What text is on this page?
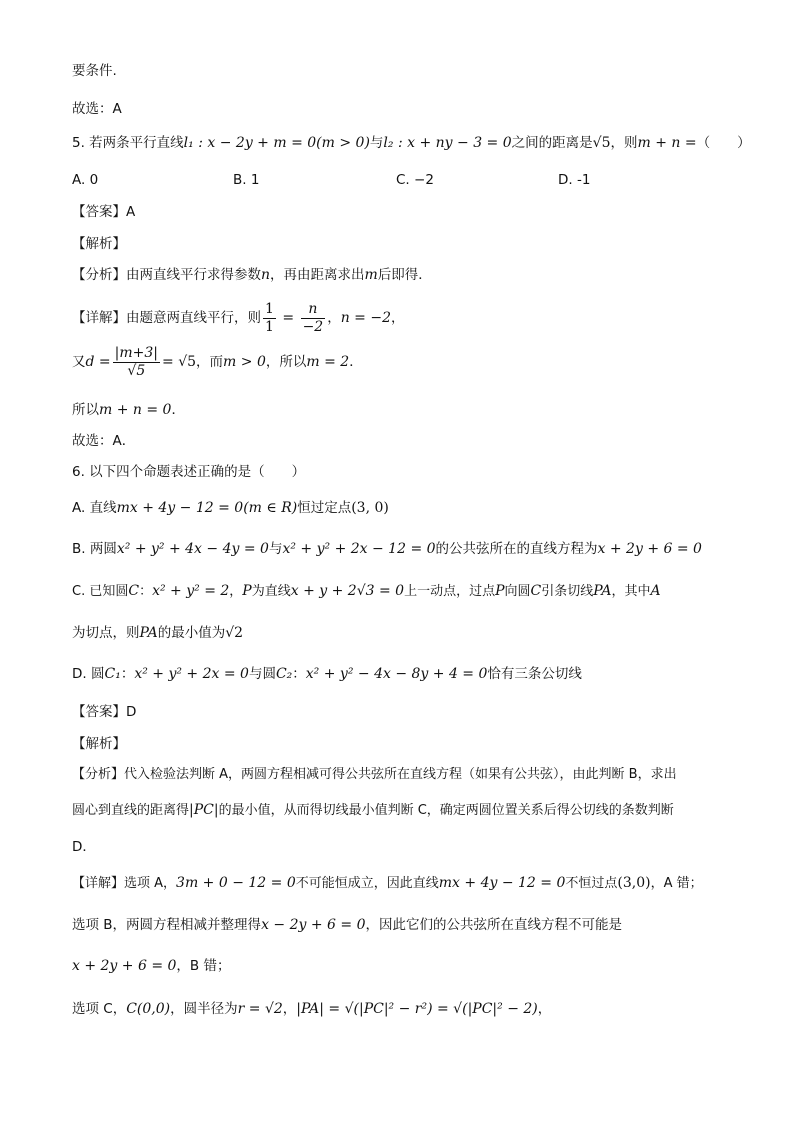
要条件.
故选：A
5. 若两条平行直线l₁ : x − 2y + m = 0(m > 0)与l₂ : x + ny − 3 = 0之间的距离是√5，则m + n =（　　）
A. 0	B. 1	C. −2	D. -1
【答案】A
【解析】
【分析】由两直线平行求得参数n，再由距离求出m后即得．
【详解】由题意两直线平行，则 $\frac{1}{1} = \frac{n}{-2}$ ，n = −2，
又$d = \frac{|m+3|}{√5} = √5$，而m > 0，所以m = 2．
所以m + n = 0．
故选：A．
6. 以下四个命题表述正确的是（　　）
A. 直线mx + 4y − 12 = 0(m ∈ R)恒过定点(3, 0)
B. 两圆x² + y² + 4x − 4y = 0与x² + y² + 2x − 12 = 0的公共弦所在的直线方程为x + 2y + 6 = 0
C. 已知圆C：x² + y² = 2，P为直线x + y + 2√3 = 0上一动点，过点P向圆C引条切线PA，其中A
为切点，则PA的最小值为√2
D. 圆C₁：x² + y² + 2x = 0与圆C₂：x² + y² − 4x − 8y + 4 = 0恰有三条公切线
【答案】D
【解析】
【分析】代入检验法判断 A，两圆方程相减可得公共弦所在直线方程（如果有公共弦），由此判断 B，求出
圆心到直线的距离得|PC|的最小值，从而得切线最小值判断 C，确定两圆位置关系后得公切线的条数判断
D．
【详解】选项 A，3m + 0 − 12 = 0不可能恒成立，因此直线mx + 4y − 12 = 0不恒过点(3,0)，A 错；
选项 B，两圆方程相减并整理得x − 2y + 6 = 0，因此它们的公共弦所在直线方程不可能是
x + 2y + 6 = 0，B 错；
选项 C，C(0,0)，圆半径为r = √2，|PA| = √(|PC|² − r²) = √(|PC|² − 2)，
